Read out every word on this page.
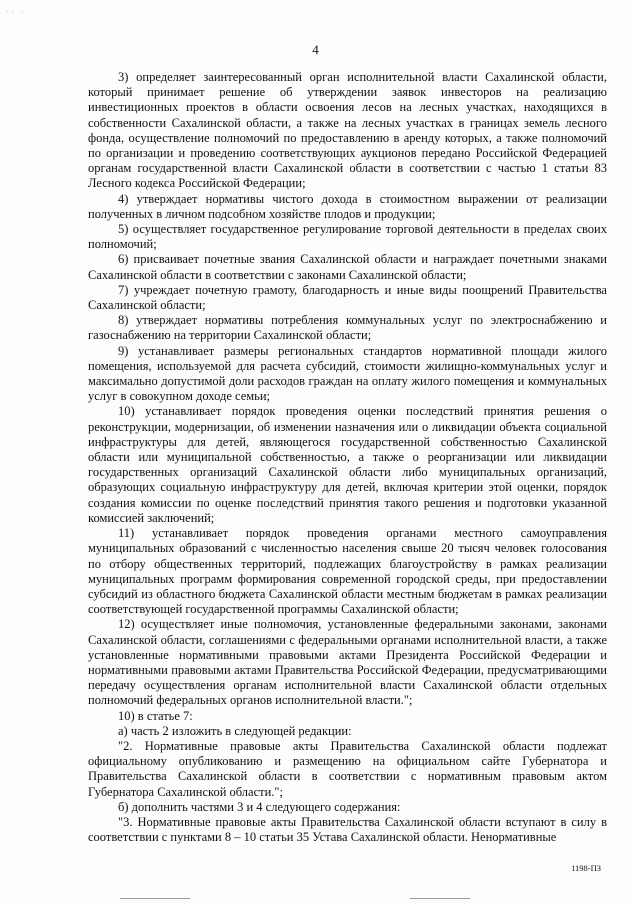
·  ·    ·
4

3) определяет заинтересованный орган исполнительной власти Сахалинской области, который принимает решение об утверждении заявок инвесторов на реализацию инвестиционных проектов в области освоения лесов на лесных участках, находящихся в собственности Сахалинской области, а также на лесных участках в границах земель лесного фонда, осуществление полномочий по предоставлению в аренду которых, а также полномочий по организации и проведению соответствующих аукционов передано Российской Федерацией органам государственной власти Сахалинской области в соответствии с частью 1 статьи 83 Лесного кодекса Российской Федерации;

4) утверждает нормативы чистого дохода в стоимостном выражении от реализации полученных в личном подсобном хозяйстве плодов и продукции;

5) осуществляет государственное регулирование торговой деятельности в пределах своих полномочий;

6) присваивает почетные звания Сахалинской области и награждает почетными знаками Сахалинской области в соответствии с законами Сахалинской области;

7) учреждает почетную грамоту, благодарность и иные виды поощрений Правительства Сахалинской области;

8) утверждает нормативы потребления коммунальных услуг по электроснабжению и газоснабжению на территории Сахалинской области;

9) устанавливает размеры региональных стандартов нормативной площади жилого помещения, используемой для расчета субсидий, стоимости жилищно-коммунальных услуг и максимально допустимой доли расходов граждан на оплату жилого помещения и коммунальных услуг в совокупном доходе семьи;

10) устанавливает порядок проведения оценки последствий принятия решения о реконструкции, модернизации, об изменении назначения или о ликвидации объекта социальной инфраструктуры для детей, являющегося государственной собственностью Сахалинской области или муниципальной собственностью, а также о реорганизации или ликвидации государственных организаций Сахалинской области либо муниципальных организаций, образующих социальную инфраструктуру для детей, включая критерии этой оценки, порядок создания комиссии по оценке последствий принятия такого решения и подготовки указанной комиссией заключений;

11) устанавливает порядок проведения органами местного самоуправления муниципальных образований с численностью населения свыше 20 тысяч человек голосования по отбору общественных территорий, подлежащих благоустройству в рамках реализации муниципальных программ формирования современной городской среды, при предоставлении субсидий из областного бюджета Сахалинской области местным бюджетам в рамках реализации соответствующей государственной программы Сахалинской области;

12) осуществляет иные полномочия, установленные федеральными законами, законами Сахалинской области, соглашениями с федеральными органами исполнительной власти, а также установленные нормативными правовыми актами Президента Российской Федерации и нормативными правовыми актами Правительства Российской Федерации, предусматривающими передачу осуществления органам исполнительной власти Сахалинской области отдельных полномочий федеральных органов исполнительной власти.";

10) в статье 7:

а) часть 2 изложить в следующей редакции:

"2. Нормативные правовые акты Правительства Сахалинской области подлежат официальному опубликованию и размещению на официальном сайте Губернатора и Правительства Сахалинской области в соответствии с нормативным правовым актом Губернатора Сахалинской области.";

б) дополнить частями 3 и 4 следующего содержания:

"3. Нормативные правовые акты Правительства Сахалинской области вступают в силу в соответствии с пунктами 8 – 10 статьи 35 Устава Сахалинской области. Ненормативные

1198-ПЗ
